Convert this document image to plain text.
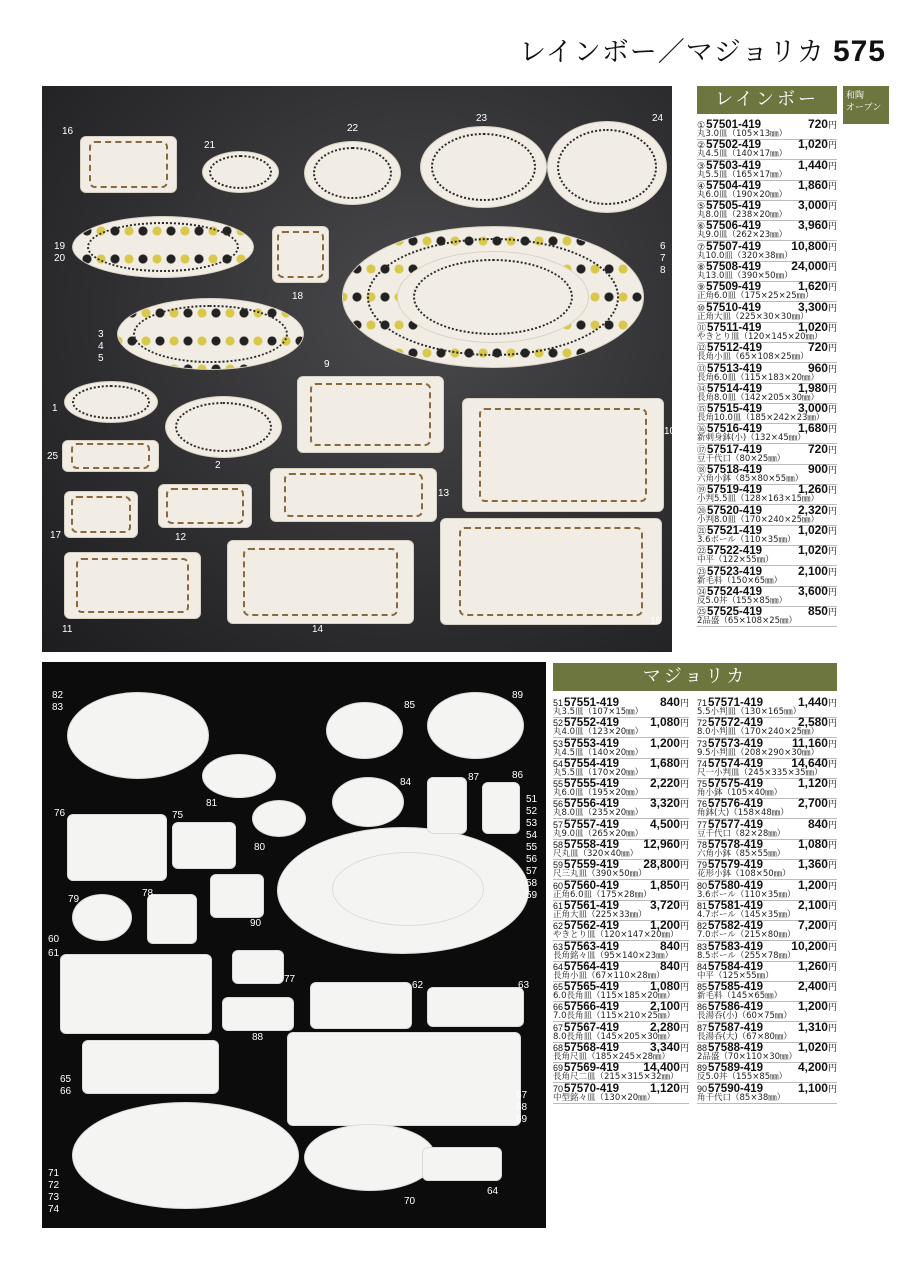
レインボー／マジョリカ 575
和陶
オーブン
16
21
22
23	24
19
20
18
6
7
8
3
4
5
9
1
10
25
2
13
17	12
11	14
15
レインボー
①57501-419	720円
丸3.0皿（105×13㎜）
②57502-419	1,020円
丸4.5皿（140×17㎜）
③57503-419	1,440円
丸5.5皿（165×17㎜）
④57504-419	1,860円
丸6.0皿（190×20㎜）
⑤57505-419	3,000円
丸8.0皿（238×20㎜）
⑥57506-419	3,960円
丸9.0皿（262×23㎜）
⑦57507-419	10,800円
丸10.0皿（320×38㎜）
⑧57508-419	24,000円
丸13.0皿（390×50㎜）
⑨57509-419	1,620円
正角6.0皿（175×25×25㎜）
⑩57510-419	3,300円
正角大皿（225×30×30㎜）
⑪57511-419	1,020円
やきとり皿（120×145×20㎜）
⑫57512-419	720円
長角小皿（65×108×25㎜）
⑬57513-419	960円
長角6.0皿（115×183×20㎜）
⑭57514-419	1,980円
長角8.0皿（142×205×30㎜）
⑮57515-419	3,000円
長角10.0皿（185×242×23㎜）
⑯57516-419	1,680円
新刺身鉢(小)（132×45㎜）
⑰57517-419	720円
豆千代口（80×25㎜）
⑱57518-419	900円
六角小鉢（85×80×55㎜）
⑲57519-419	1,260円
小判5.5皿（128×163×15㎜）
⑳57520-419	2,320円
小判8.0皿（170×240×25㎜）
㉑57521-419	1,020円
3.6ボール（110×35㎜）
㉒57522-419	1,020円
中平（122×55㎜）
㉓57523-419	2,100円
新毛料（150×65㎜）
㉔57524-419	3,600円
反5.0丼（155×85㎜）
㉕57525-419	850円
2品盛（65×108×25㎜）
82
83	85
89
76	75
81
84	87	86
51
52
53
54
55
56
57
58
59
80
79
78
90
60
61
77
62	63
88
65
66	67
68
69
71
72
73
74
70
64
マジョリカ
5157551-419	840円
丸3.5皿（107×15㎜）
5257552-419	1,080円
丸4.0皿（123×20㎜）
5357553-419	1,200円
丸4.5皿（140×20㎜）
5457554-419	1,680円
丸5.5皿（170×20㎜）
5557555-419	2,220円
丸6.0皿（195×20㎜）
5657556-419	3,320円
丸8.0皿（235×20㎜）
5757557-419	4,500円
丸9.0皿（265×20㎜）
5857558-419 12,960円
尺丸皿（320×40㎜）
5957559-419 28,800円
尺三丸皿（390×50㎜）
6057560-419	1,850円
正角6.0皿（175×28㎜）
6157561-419	3,720円
正角大皿（225×33㎜）
6257562-419	1,200円
やきとり皿（120×147×20㎜）
6357563-419	840円
長角銘々皿（95×140×23㎜）
6457564-419	840円
長角小皿（67×110×28㎜）
6557565-419	1,080円
6.0長角皿（115×185×20㎜）
6657566-419	2,100円
7.0長角皿（115×210×25㎜）
6757567-419	2,280円
8.0長角皿（145×205×30㎜）
6857568-419	3,340円
長角尺皿（185×245×28㎜）
6957569-419 14,400円
長角尺二皿（215×315×32㎜）
7057570-419	1,120円
中型銘々皿（130×20㎜）
7157571-419	1,440円
5.5小判皿（130×165㎜）
7257572-419	2,580円
8.0小判皿（170×240×25㎜）
7357573-419 11,160円
9.5小判皿（208×290×30㎜）
7457574-419 14,640円
尺一小判皿（245×335×35㎜）
7557575-419	1,120円
角小鉢（105×40㎜）
7657576-419	2,700円
角鉢(大)（158×48㎜）
7757577-419	840円
豆千代口（82×28㎜）
7857578-419	1,080円
六角小鉢（85×55㎜）
7957579-419	1,360円
花形小鉢（108×50㎜）
8057580-419	1,200円
3.6ボール（110×35㎜）
8157581-419	2,100円
4.7ボール（145×35㎜）
8257582-419	7,200円
7.0ボール（215×80㎜）
8357583-419 10,200円
8.5ボール（255×78㎜）
8457584-419	1,260円
中平（125×55㎜）
8557585-419	2,400円
新毛料（145×65㎜）
8657586-419	1,200円
長湯呑(小)（60×75㎜）
8757587-419	1,310円
長湯呑(大)（67×80㎜）
8857588-419	1,020円
2品盛（70×110×30㎜）
8957589-419	4,200円
反5.0丼（155×85㎜）
9057590-419	1,100円
角千代口（85×38㎜）
